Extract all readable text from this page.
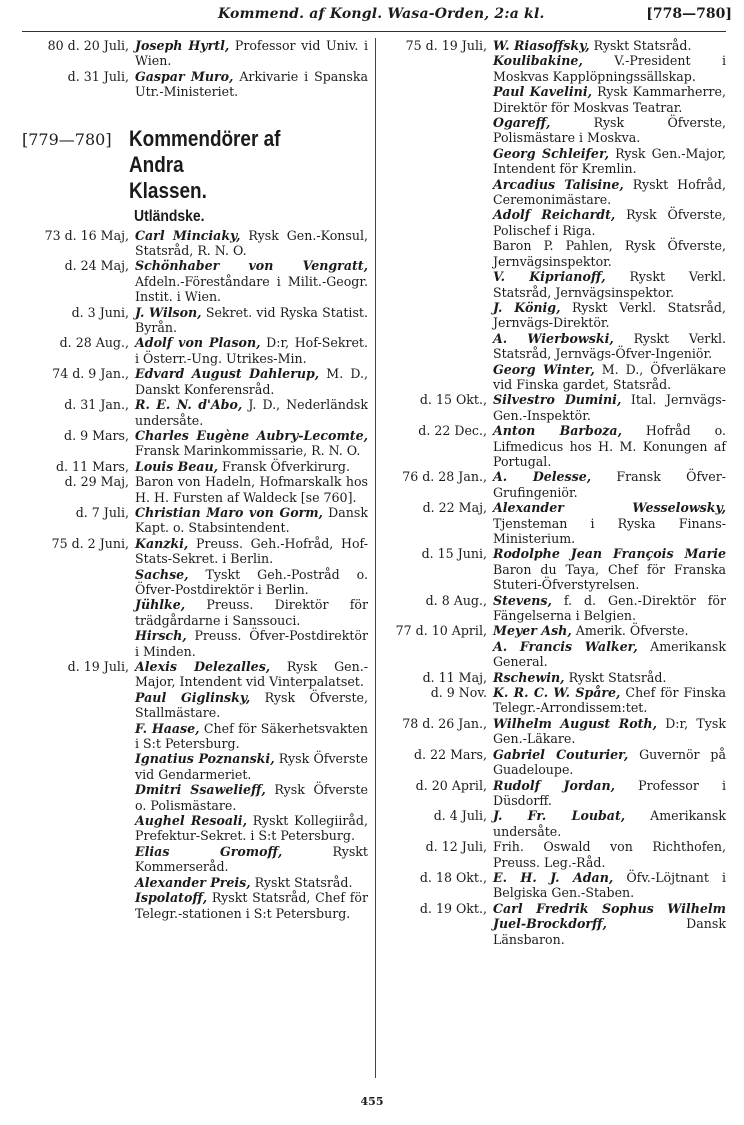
Kommend. af Kongl. Wasa-Orden, 2:a kl.	[778—780]
80 d. 20 Juli, Joseph Hyrtl, Professor vid Univ. i Wien.

d. 31 Juli, Gaspar Muro, Arkivarie i Spanska Utr.-Ministeriet.

[779—780] Kommendörer af Andra
Klassen.
Utländske.
73 d. 16 Maj, Carl Minciaky, Rysk Gen.-Konsul, Statsråd, R. N. O.

d. 24 Maj, Schönhaber von Vengratt, Afdeln.-Föreståndare i Milit.-Geogr. Instit. i Wien.

d. 3 Juni, J. Wilson, Sekret. vid Ryska Statist. Byrån.

d. 28 Aug., Adolf von Plason, D:r, Hof-Sekret. i Österr.-Ung. Utrikes-Min.

74 d. 9 Jan., Edvard August Dahlerup, M. D., Danskt Konferensråd.

d. 31 Jan., R. E. N. d'Abo, J. D., Nederländsk undersåte.

d. 9 Mars, Charles Eugène Aubry-Lecomte, Fransk Marinkommissarie, R. N. O.

d. 11 Mars, Louis Beau, Fransk Öfverkirurg.

d. 29 Maj, Baron von Hadeln, Hofmarskalk hos H. H. Fursten af Waldeck [se 760].

d. 7 Juli, Christian Maro von Gorm, Dansk Kapt. o. Stabsintendent.

75 d. 2 Juni, Kanzki, Preuss. Geh.-Hofråd, Hof-Stats-Sekret. i Berlin.

Sachse, Tyskt Geh.-Postråd o. Öfver-Postdirektör i Berlin.

Jühlke, Preuss. Direktör för trädgårdarne i Sanssouci.

Hirsch, Preuss. Öfver-Postdirektör i Minden.

d. 19 Juli, Alexis Delezalles, Rysk Gen.-Major, Intendent vid Vinterpalatset.

Paul Giglinsky, Rysk Öfverste, Stallmästare.

F. Haase, Chef för Säkerhetsvakten i S:t Petersburg.

Ignatius Poznanski, Rysk Öfverste vid Gendarmeriet.

Dmitri Ssawelieff, Rysk Öfverste o. Polismästare.

Aughel Resoali, Ryskt Kollegiiråd, Prefektur-Sekret. i S:t Petersburg.

Elias Gromoff, Ryskt Kommerseråd.

Alexander Preis, Ryskt Statsråd.

Ispolatoff, Ryskt Statsråd, Chef för Telegr.-stationen i S:t Petersburg.

75 d. 19 Juli, W. Riasoffsky, Ryskt Statsråd.

Koulibakine, V.-President i Moskvas Kapplöpningssällskap.

Paul Kavelini, Rysk Kammarherre, Direktör för Moskvas Teatrar.

Ogareff, Rysk Öfverste, Polismästare i Moskva.

Georg Schleifer, Rysk Gen.-Major, Intendent för Kremlin.

Arcadius Talisine, Ryskt Hofråd, Ceremonimästare.

Adolf Reichardt, Rysk Öfverste, Polischef i Riga.

Baron P. Pahlen, Rysk Öfverste, Jernvägsinspektor.

V. Kiprianoff, Ryskt Verkl. Statsråd, Jernvägsinspektor.

J. König, Ryskt Verkl. Statsråd, Jernvägs-Direktör.

A. Wierbowski, Ryskt Verkl. Statsråd, Jernvägs-Öfver-Ingeniör.

Georg Winter, M. D., Öfverläkare vid Finska gardet, Statsråd.

d. 15 Okt., Silvestro Dumini, Ital. Jernvägs-Gen.-Inspektör.

d. 22 Dec., Anton Barboza, Hofråd o. Lifmedicus hos H. M. Konungen af Portugal.

76 d. 28 Jan., A. Delesse, Fransk Öfver-Grufingeniör.

d. 22 Maj, Alexander Wesselowsky, Tjensteman i Ryska Finans-Ministerium.

d. 15 Juni, Rodolphe Jean François Marie Baron du Taya, Chef för Franska Stuteri-Öfverstyrelsen.

d. 8 Aug., Stevens, f. d. Gen.-Direktör för Fängelserna i Belgien.

77 d. 10 April, Meyer Ash, Amerik. Öfverste.

A. Francis Walker, Amerikansk General.

d. 11 Maj, Rschewin, Ryskt Statsråd.

d. 9 Nov. K. R. C. W. Spåre, Chef för Finska Telegr.-Arrondissem:tet.

78 d. 26 Jan., Wilhelm August Roth, D:r, Tysk Gen.-Läkare.

d. 22 Mars, Gabriel Couturier, Guvernör på Guadeloupe.

d. 20 April, Rudolf Jordan, Professor i Düsdorff.

d. 4 Juli, J. Fr. Loubat, Amerikansk undersåte.

d. 12 Juli, Frih. Oswald von Richthofen, Preuss. Leg.-Råd.

d. 18 Okt., E. H. J. Adan, Öfv.-Löjtnant i Belgiska Gen.-Staben.

d. 19 Okt., Carl Fredrik Sophus Wilhelm Juel-Brockdorff, Dansk Länsbaron.

455
